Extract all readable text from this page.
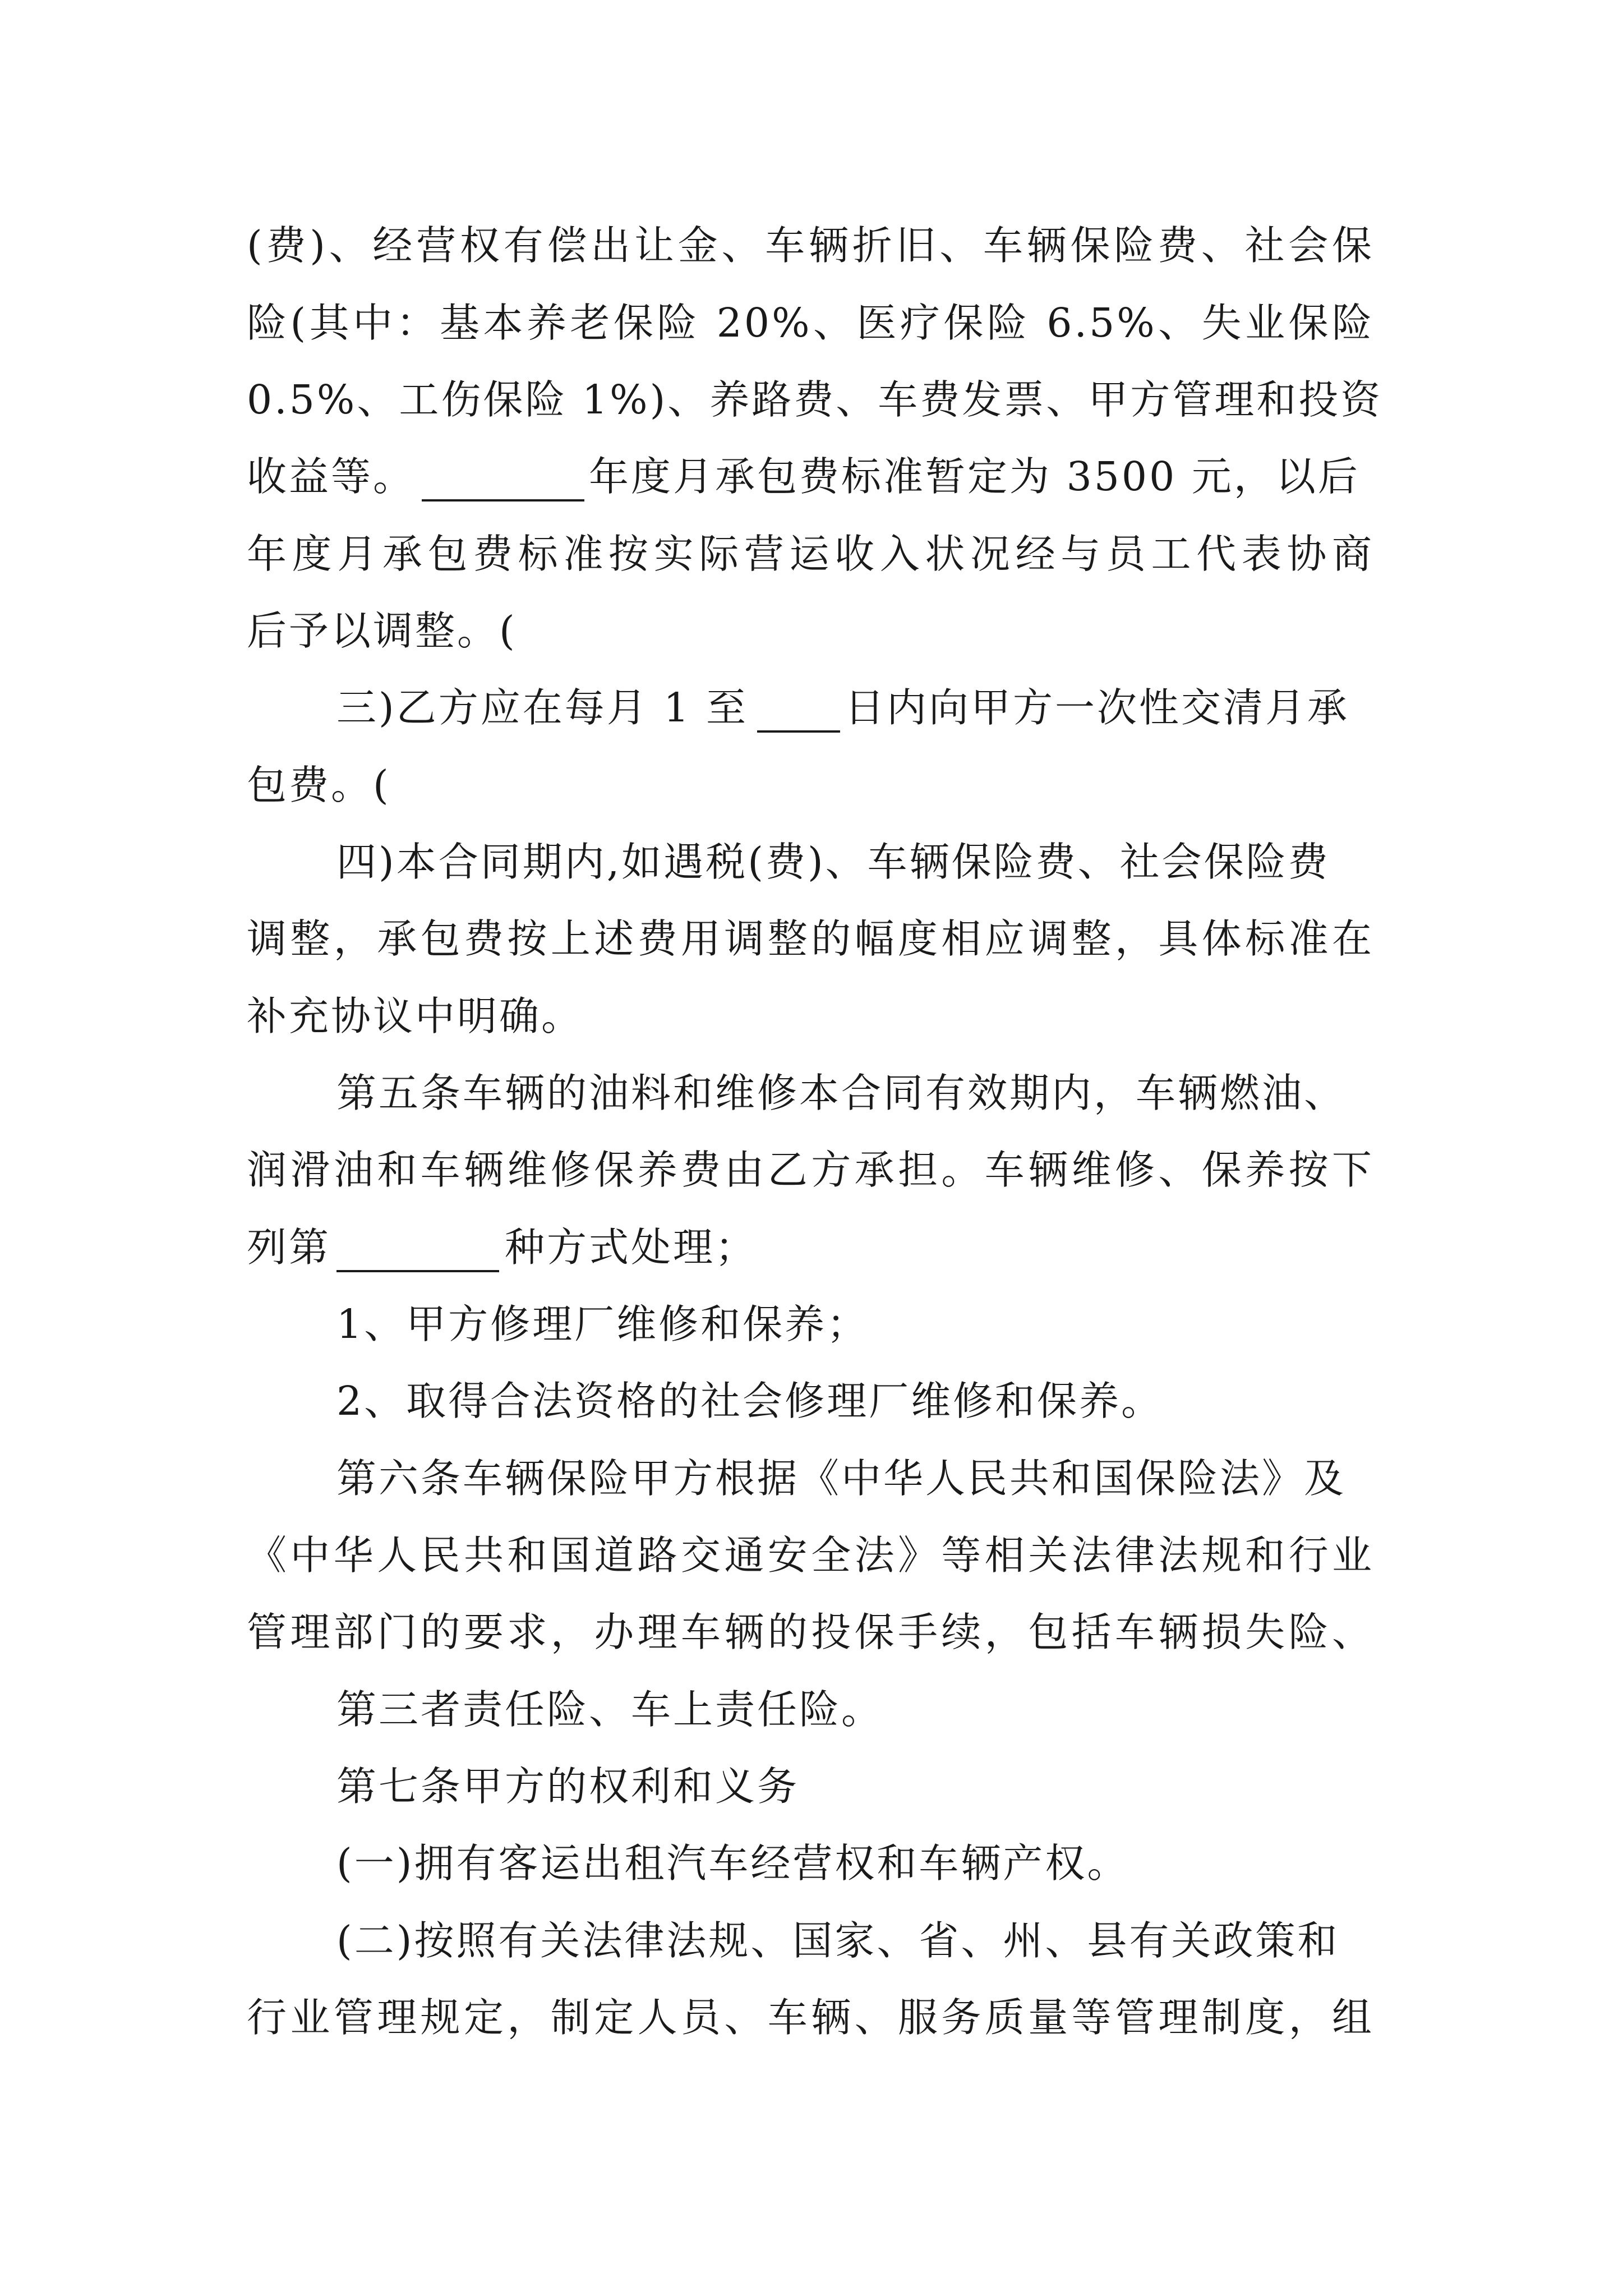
(费)、经营权有偿出让金、车辆折旧、车辆保险费、社会保
险(其中：基本养老保险 20%、医疗保险 6.5%、失业保险
0.5%、工伤保险 1%)、养路费、车费发票、甲方管理和投资
收益等。	年度月承包费标准暂定为 3500 元，以后
年度月承包费标准按实际营运收入状况经与员工代表协商
后予以调整。(
三)乙方应在每月 1 至 日内向甲方一次性交清月承
包费。(
四)本合同期内,如遇税(费)、车辆保险费、社会保险费
调整，承包费按上述费用调整的幅度相应调整，具体标准在
补充协议中明确。
第五条车辆的油料和维修本合同有效期内，车辆燃油、
润滑油和车辆维修保养费由乙方承担。车辆维修、保养按下
列第	种方式处理；
1、甲方修理厂维修和保养；
2、取得合法资格的社会修理厂维修和保养。
第六条车辆保险甲方根据《中华人民共和国保险法》及
《中华人民共和国道路交通安全法》等相关法律法规和行业
管理部门的要求，办理车辆的投保手续，包括车辆损失险、
第三者责任险、车上责任险。
第七条甲方的权利和义务
(一)拥有客运出租汽车经营权和车辆产权。
(二)按照有关法律法规、国家、省、州、县有关政策和
行业管理规定，制定人员、车辆、服务质量等管理制度，组
